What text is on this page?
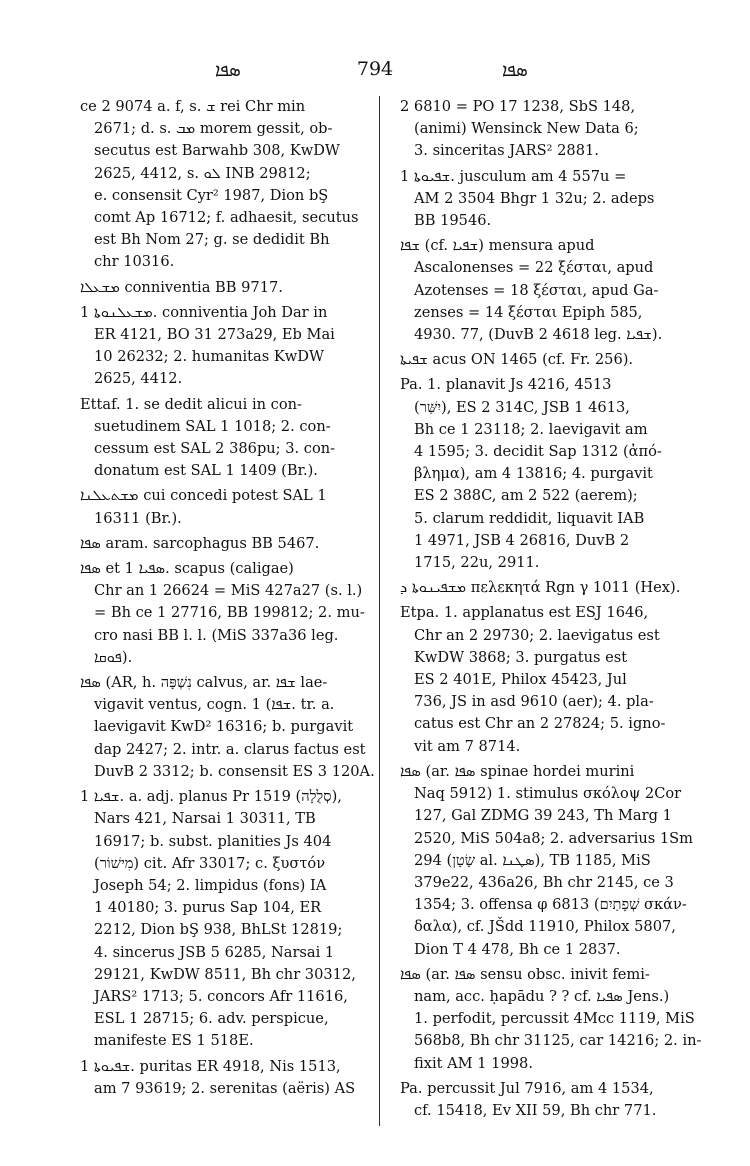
ܣܦܐ	794	ܣܦܐ
ce 2 9074 a. f, s. ܫ rei Chr min
2671; d. s. ܡܒ morem gessit, ob-
secutus est Barwahb 308, KwDW
2625, 4412, s. ܠܘ INB 29812;
e. consensit Cyr² 1987, Dion bŞ
comt Ap 16712; f. adhaesit, secutus
est Bh Nom 27; g. se dedidit Bh
chr 10316.
ܡܫܥܠܐ conniventia BB 9717.
ܡܫܥܠܢܘܬܐ 1. conniventia Joh Dar in
ER 4121, BO 31 273a29, Eb Mai
10 26232; 2. humanitas KwDW
2625, 4412.
Ettaf. 1. se dedit alicui in con-
suetudinem SAL 1 1018; 2. con-
cessum est SAL 2 386pu; 3. con-
donatum est SAL 1 1409 (Br.).
ܡܫܬܥܠܢܐ cui concedi potest SAL 1
16311 (Br.).
ܣܦܐ aram. sarcophagus BB 5467.
ܣܦܐ et ܣܦܝܐ 1. scapus (caligae)
Chr an 1 26624 = MiS 427a27 (s. l.)
= Bh ce 1 27716, BB 199812; 2. mu-
cro nasi BB l. l. (MiS 337a36 leg.
ܦܘܩܐ).
ܣܦܐ (AR, h. נִשְׁפָּה calvus, ar. ܫܦܐ lae-
vigavit ventus, cogn. ܫܦܐ) 1. tr. a.
laevigavit KwD² 16316; b. purgavit
dap 2427; 2. intr. a. clarus factus est
DuvB 2 3312; b. consensit ES 3 120A.
ܫܦܝܐ 1. a. adj. planus Pr 1519 (סְלֻלָה),
Nars 421, Narsai 1 30311, TB
16917; b. subst. planities Js 404
(מִישׁוֹר) cit. Afr 33017; c. ξυστόν
Joseph 54; 2. limpidus (fons) IA
1 40180; 3. purus Sap 104, ER
2212, Dion bŞ 938, BhLSt 12819;
4. sincerus JSB 5 6285, Narsai 1
29121, KwDW 8511, Bh chr 30312,
JARS² 1713; 5. concors Afr 11616,
ESL 1 28715; 6. adv. perspicue,
manifeste ES 1 518E.
ܫܦܝܘܬܐ 1. puritas ER 4918, Nis 1513,
am 7 93619; 2. serenitas (aëris) AS
2 6810 = PO 17 1238, SbS 148,
(animi) Wensinck New Data 6;
3. sinceritas JARS² 2881.
ܫܦܝܘܬܐ 1. jusculum am 4 557u =
AM 2 3504 Bhgr 1 32u; 2. adeps
BB 19546.
ܫܦܐ (cf. ܫܦܝܐ) mensura apud
Ascalonenses = 22 ξέσται, apud
Azotenses = 18 ξέσται, apud Ga-
zenses = 14 ξέσται Epiph 585,
4930. 77, (DuvB 2 4618 leg. ܫܦܝܐ).
ܫܦܝܬܐ acus ON 1465 (cf. Fr. 256).
Pa. 1. planavit Js 4216, 4513
(יִשַּׁר), ES 2 314C, JSB 1 4613,
Bh ce 1 23118; 2. laevigavit am
4 1595; 3. decidit Sap 1312 (ἀπό-
βλημα), am 4 13816; 4. purgavit
ES 2 388C, am 2 522 (aerem);
5. clarum reddidit, liquavit IAB
1 4971, JSB 4 26816, DuvB 2
1715, 22u, 2911.
ܡܫܦܝܢܘܬܐ ܕ πελεκητά Rgn γ 1011 (Hex).
Etpa. 1. applanatus est ESJ 1646,
Chr an 2 29730; 2. laevigatus est
KwDW 3868; 3. purgatus est
ES 2 401E, Philox 45423, Jul
736, JS in asd 9610 (aer); 4. pla-
catus est Chr an 2 27824; 5. igno-
vit am 7 8714.
ܣܦܐ (ar. ܣܦܐ spinae hordei murini
Naq 5912) 1. stimulus σκόλοψ 2Cor
127, Gal ZDMG 39 243, Th Marg 1
2520, MiS 504a8; 2. adversarius 1Sm
294 (שָׂטָן al. ܣܛܢܐ), TB 1185, MiS
379e22, 436a26, Bh chr 2145, ce 3
1354; 3. offensa φ 6813 (שְׁפָתַיִם σκάν-
δαλα), cf. JŠdd 11910, Philox 5807,
Dion T 4 478, Bh ce 1 2837.
ܣܦܐ (ar. ܣܦܐ sensu obsc. inivit femi-
nam, acc. ḥapādu ? ? cf. ܣܦܝܐ Jens.)
1. perfodit, percussit 4Mcc 1119, MiS
568b8, Bh chr 31125, car 14216; 2. in-
fixit AM 1 1998.
Pa. percussit Jul 7916, am 4 1534,
cf. 15418, Ev XII 59, Bh chr 771.
